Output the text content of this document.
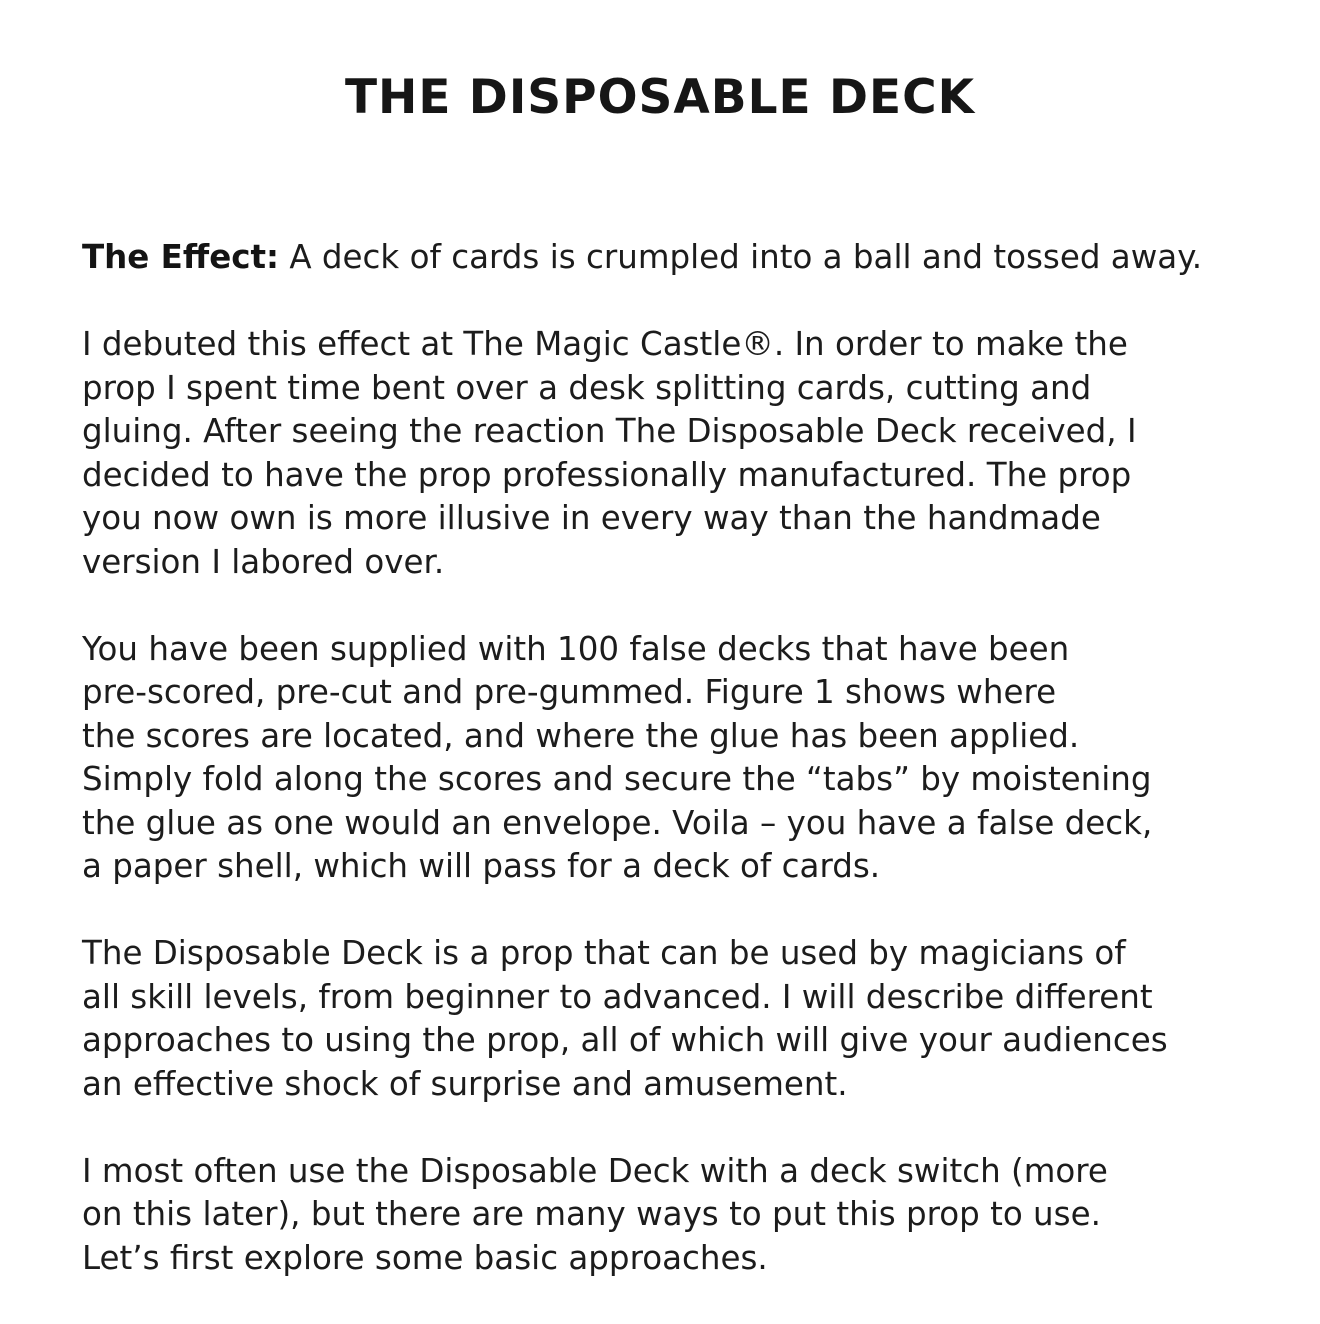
THE DISPOSABLE DECK

The Effect: A deck of cards is crumpled into a ball and tossed away.

I debuted this effect at The Magic Castle®. In order to make the
prop I spent time bent over a desk splitting cards, cutting and
gluing. After seeing the reaction The Disposable Deck received, I
decided to have the prop professionally manufactured. The prop
you now own is more illusive in every way than the handmade
version I labored over.

You have been supplied with 100 false decks that have been
pre-scored, pre-cut and pre-gummed. Figure 1 shows where
the scores are located, and where the glue has been applied.
Simply fold along the scores and secure the “tabs” by moistening
the glue as one would an envelope. Voila – you have a false deck,
a paper shell, which will pass for a deck of cards.

The Disposable Deck is a prop that can be used by magicians of
all skill levels, from beginner to advanced. I will describe different
approaches to using the prop, all of which will give your audiences
an effective shock of surprise and amusement.

I most often use the Disposable Deck with a deck switch (more
on this later), but there are many ways to put this prop to use.
Let’s first explore some basic approaches.
